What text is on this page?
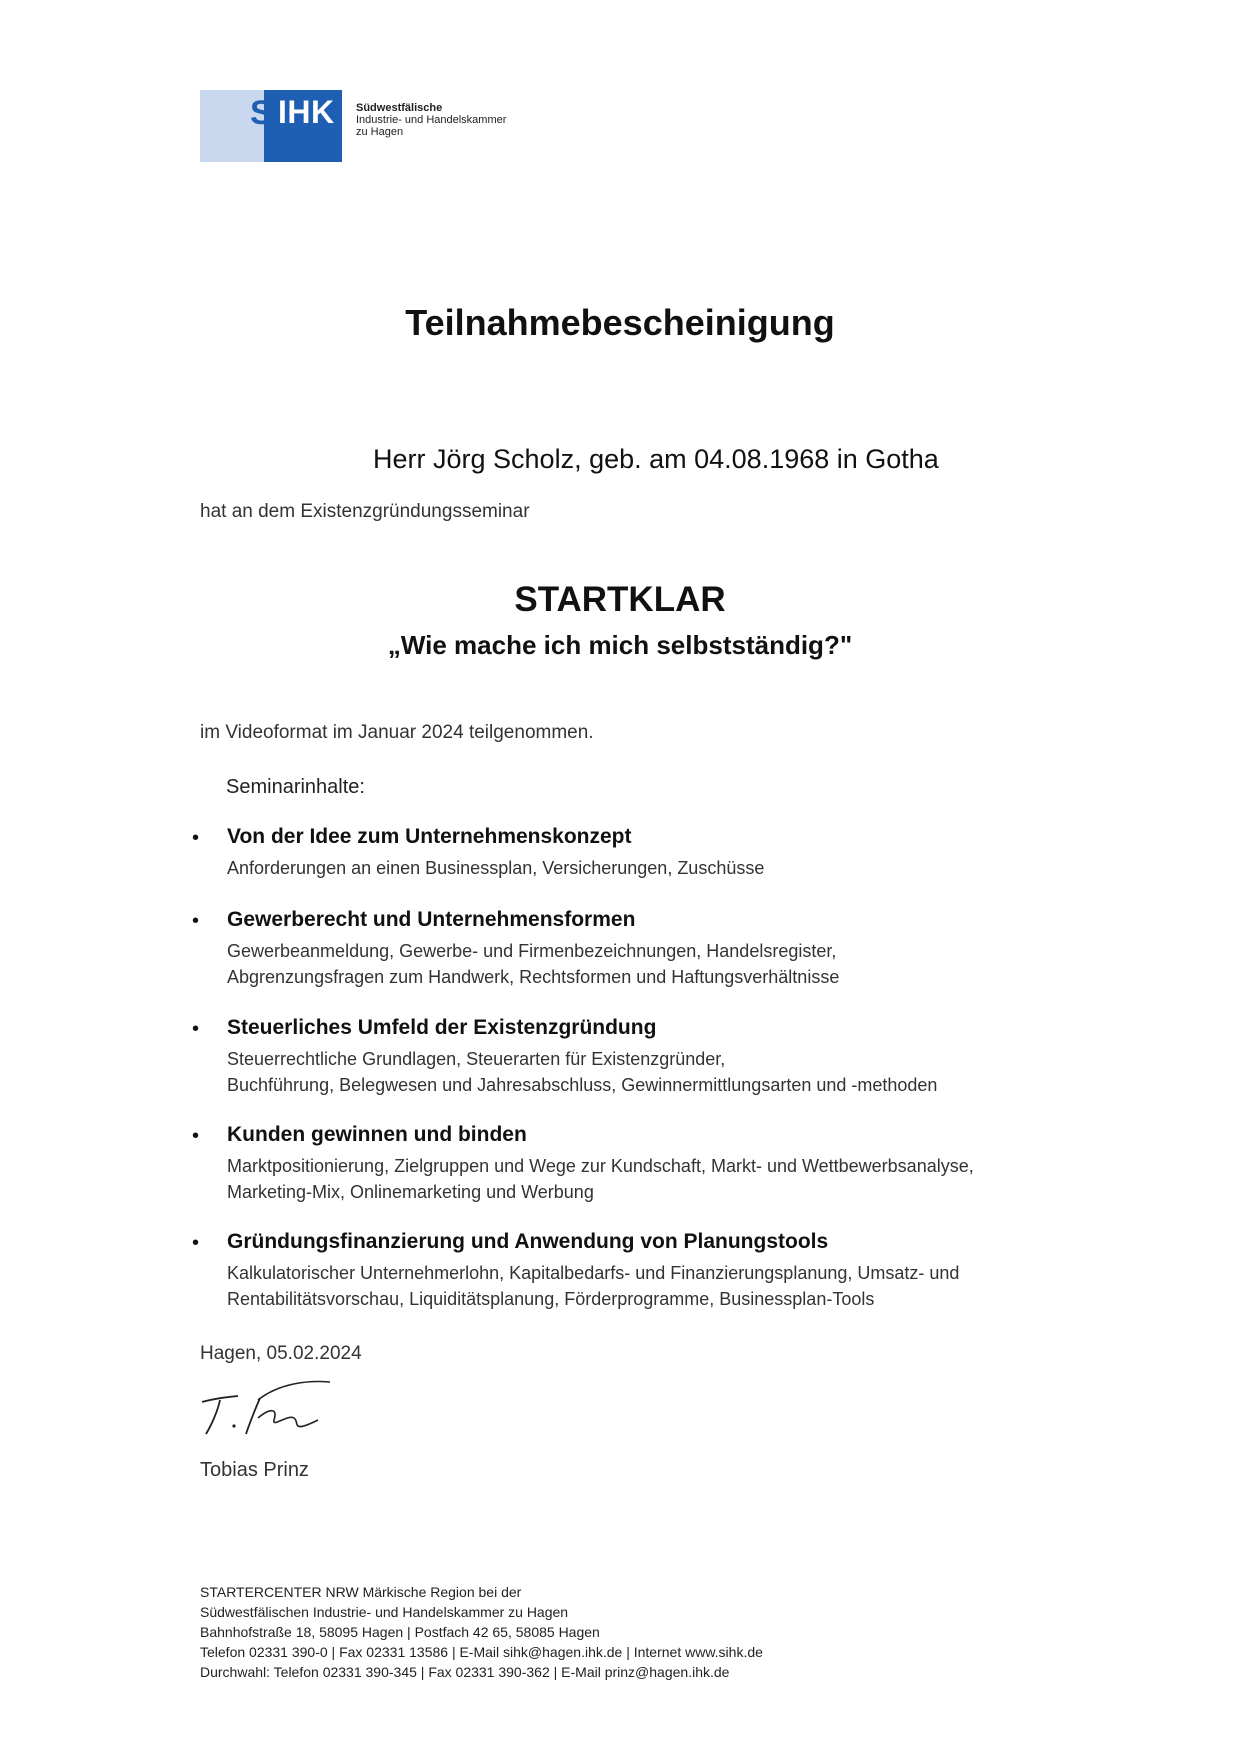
S IHK Südwestfälische
Industrie- und Handelskammer
zu Hagen
Teilnahmebescheinigung
Herr Jörg Scholz, geb. am 04.08.1968 in Gotha
hat an dem Existenzgründungsseminar
STARTKLAR
„Wie mache ich mich selbstständig?"
im Videoformat im Januar 2024 teilgenommen.
Seminarinhalte:
• Von der Idee zum Unternehmenskonzept
Anforderungen an einen Businessplan, Versicherungen, Zuschüsse
• Gewerberecht und Unternehmensformen
Gewerbeanmeldung, Gewerbe- und Firmenbezeichnungen, Handelsregister,
Abgrenzungsfragen zum Handwerk, Rechtsformen und Haftungsverhältnisse
• Steuerliches Umfeld der Existenzgründung
Steuerrechtliche Grundlagen, Steuerarten für Existenzgründer,
Buchführung, Belegwesen und Jahresabschluss, Gewinnermittlungsarten und -methoden
• Kunden gewinnen und binden
Marktpositionierung, Zielgruppen und Wege zur Kundschaft, Markt- und Wettbewerbsanalyse,
Marketing-Mix, Onlinemarketing und Werbung
• Gründungsfinanzierung und Anwendung von Planungstools
Kalkulatorischer Unternehmerlohn, Kapitalbedarfs- und Finanzierungsplanung, Umsatz- und
Rentabilitätsvorschau, Liquiditätsplanung, Förderprogramme, Businessplan-Tools
Hagen, 05.02.2024
Tobias Prinz
STARTERCENTER NRW Märkische Region bei der
Südwestfälischen Industrie- und Handelskammer zu Hagen
Bahnhofstraße 18, 58095 Hagen | Postfach 42 65, 58085 Hagen
Telefon 02331 390-0 | Fax 02331 13586 | E-Mail sihk@hagen.ihk.de | Internet www.sihk.de
Durchwahl: Telefon 02331 390-345 | Fax 02331 390-362 | E-Mail prinz@hagen.ihk.de
